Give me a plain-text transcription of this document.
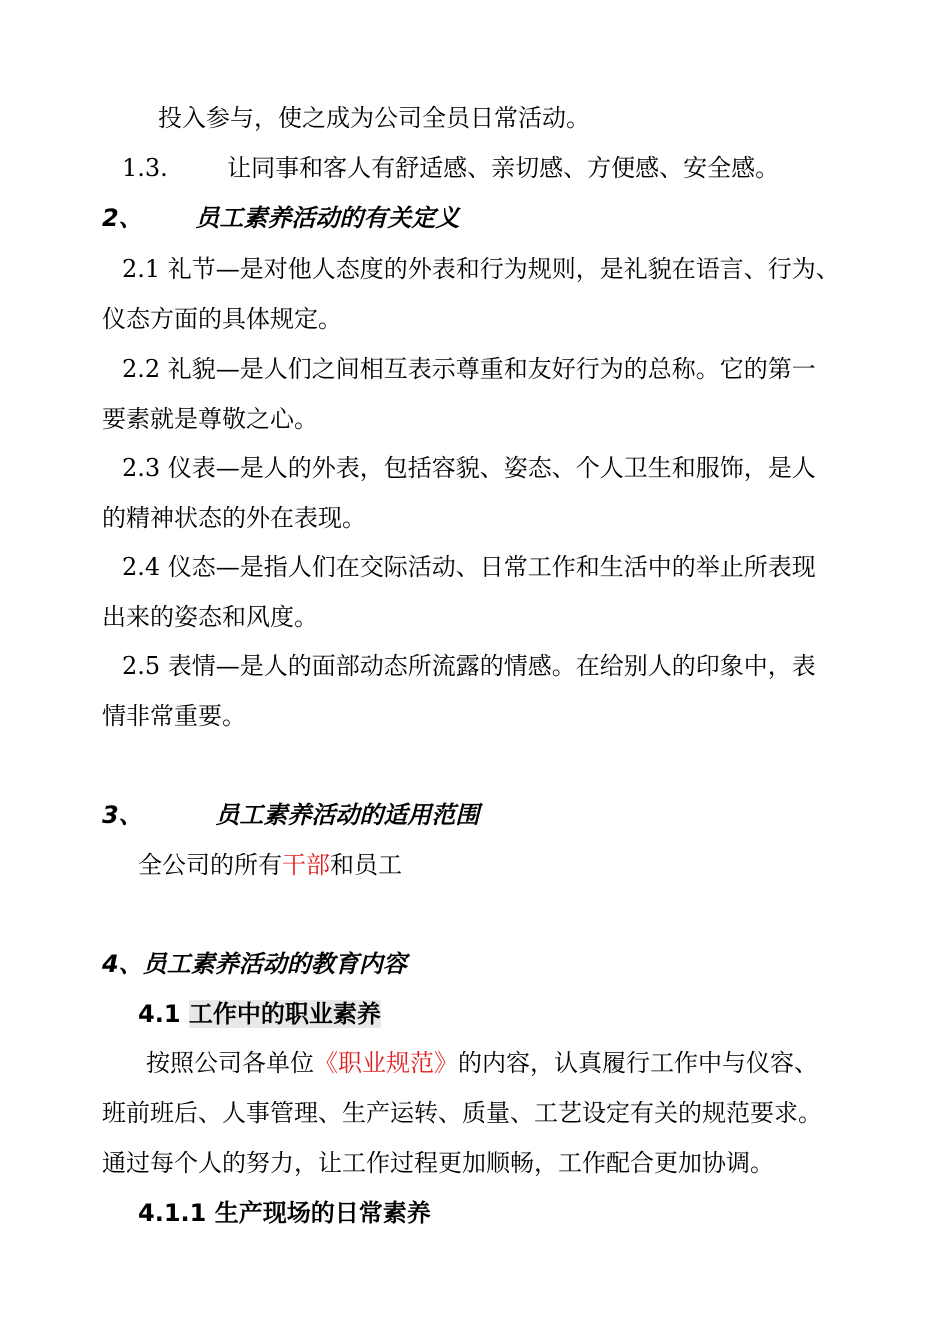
投入参与，使之成为公司全员日常活动。
1.3. 让同事和客人有舒适感、亲切感、方便感、安全感。
2、 员工素养活动的有关定义
2.1 礼节—是对他人态度的外表和行为规则，是礼貌在语言、行为、
仪态方面的具体规定。
2.2 礼貌—是人们之间相互表示尊重和友好行为的总称。它的第一
要素就是尊敬之心。
2.3 仪表—是人的外表，包括容貌、姿态、个人卫生和服饰，是人
的精神状态的外在表现。
2.4 仪态—是指人们在交际活动、日常工作和生活中的举止所表现
出来的姿态和风度。
2.5 表情—是人的面部动态所流露的情感。在给别人的印象中，表
情非常重要。
3、	员工素养活动的适用范围
全公司的所有干部和员工
4、员工素养活动的教育内容
4.1 工作中的职业素养
按照公司各单位《职业规范》的内容，认真履行工作中与仪容、
班前班后、人事管理、生产运转、质量、工艺设定有关的规范要求。
通过每个人的努力，让工作过程更加顺畅，工作配合更加协调。
4.1.1 生产现场的日常素养
